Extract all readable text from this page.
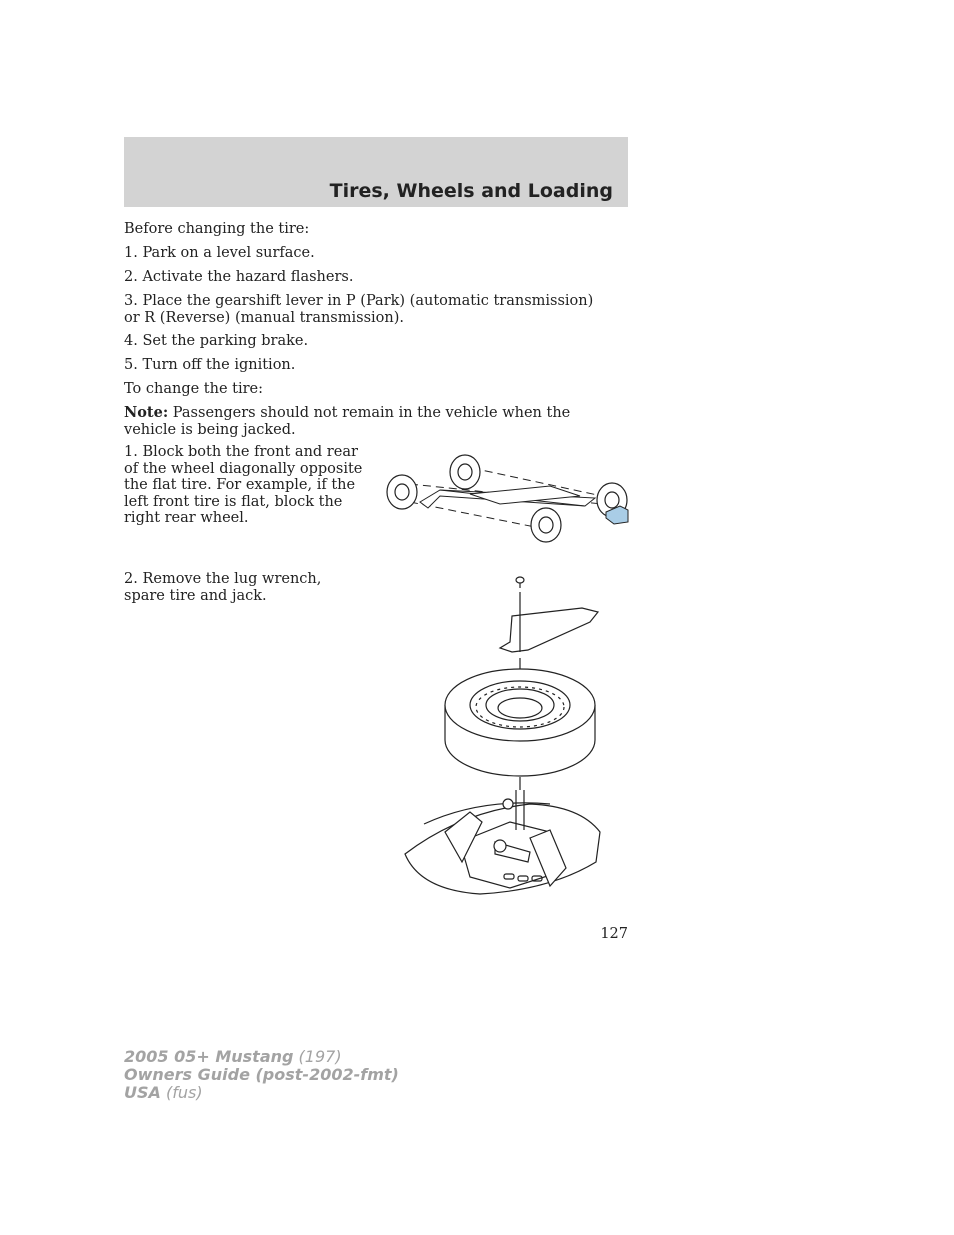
Tires, Wheels and Loading

Before changing the tire:

1. Park on a level surface.

2. Activate the hazard flashers.

3. Place the gearshift lever in P (Park) (automatic transmission) or R (Reverse) (manual transmission).

4. Set the parking brake.

5. Turn off the ignition.

To change the tire:

Note: Passengers should not remain in the vehicle when the vehicle is being jacked.

1. Block both the front and rear of the wheel diagonally opposite the flat tire. For example, if the left front tire is flat, block the right rear wheel.

2. Remove the lug wrench, spare tire and jack.

127
2005 05+ Mustang (197)
Owners Guide (post-2002-fmt)
USA (fus)
